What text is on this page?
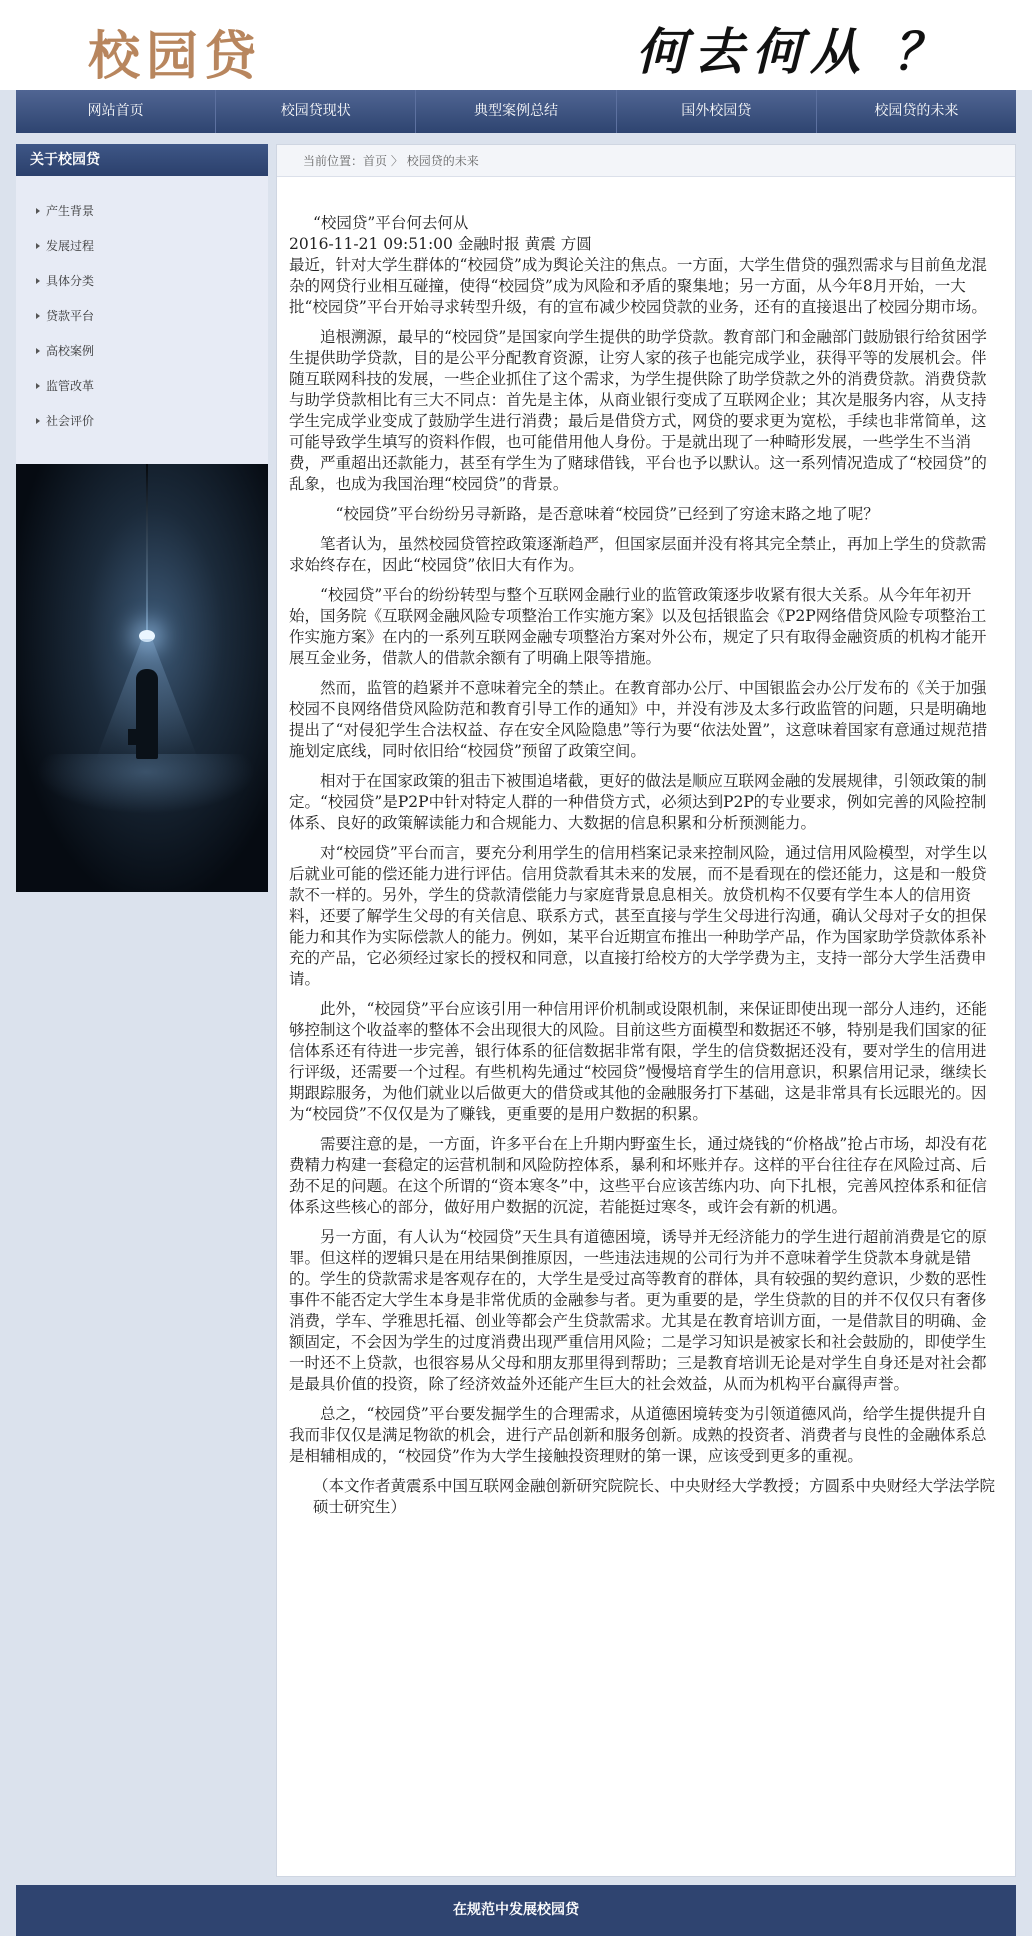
校园贷	何去何从 ？
网站首页	校园贷现状	典型案例总结	国外校园贷	校园贷的未来
关于校园贷
产生背景
发展过程
具体分类
贷款平台
高校案例
监管改革
社会评价
当前位置：首页 〉 校园贷的未来
“校园贷”平台何去何从
2016-11-21 09:51:00 金融时报 黄震 方圆

最近，针对大学生群体的“校园贷”成为舆论关注的焦点。一方面，大学生借贷的强烈需求与目前鱼龙混杂的网贷行业相互碰撞，使得“校园贷”成为风险和矛盾的聚集地；另一方面，从今年8月开始，一大批“校园贷”平台开始寻求转型升级，有的宣布减少校园贷款的业务，还有的直接退出了校园分期市场。

追根溯源，最早的“校园贷”是国家向学生提供的助学贷款。教育部门和金融部门鼓励银行给贫困学生提供助学贷款，目的是公平分配教育资源，让穷人家的孩子也能完成学业，获得平等的发展机会。伴随互联网科技的发展，一些企业抓住了这个需求，为学生提供除了助学贷款之外的消费贷款。消费贷款与助学贷款相比有三大不同点：首先是主体，从商业银行变成了互联网企业；其次是服务内容，从支持学生完成学业变成了鼓励学生进行消费；最后是借贷方式，网贷的要求更为宽松，手续也非常简单，这可能导致学生填写的资料作假，也可能借用他人身份。于是就出现了一种畸形发展，一些学生不当消费，严重超出还款能力，甚至有学生为了赌球借钱，平台也予以默认。这一系列情况造成了“校园贷”的乱象，也成为我国治理“校园贷”的背景。

“校园贷”平台纷纷另寻新路，是否意味着“校园贷”已经到了穷途末路之地了呢？

笔者认为，虽然校园贷管控政策逐渐趋严，但国家层面并没有将其完全禁止，再加上学生的贷款需求始终存在，因此“校园贷”依旧大有作为。

“校园贷”平台的纷纷转型与整个互联网金融行业的监管政策逐步收紧有很大关系。从今年年初开始，国务院《互联网金融风险专项整治工作实施方案》以及包括银监会《P2P网络借贷风险专项整治工作实施方案》在内的一系列互联网金融专项整治方案对外公布，规定了只有取得金融资质的机构才能开展互金业务，借款人的借款余额有了明确上限等措施。

然而，监管的趋紧并不意味着完全的禁止。在教育部办公厅、中国银监会办公厅发布的《关于加强校园不良网络借贷风险防范和教育引导工作的通知》中，并没有涉及太多行政监管的问题，只是明确地提出了“对侵犯学生合法权益、存在安全风险隐患”等行为要“依法处置”，这意味着国家有意通过规范措施划定底线，同时依旧给“校园贷”预留了政策空间。

相对于在国家政策的狙击下被围追堵截，更好的做法是顺应互联网金融的发展规律，引领政策的制定。“校园贷”是P2P中针对特定人群的一种借贷方式，必须达到P2P的专业要求，例如完善的风险控制体系、良好的政策解读能力和合规能力、大数据的信息积累和分析预测能力。

对“校园贷”平台而言，要充分利用学生的信用档案记录来控制风险，通过信用风险模型，对学生以后就业可能的偿还能力进行评估。信用贷款看其未来的发展，而不是看现在的偿还能力，这是和一般贷款不一样的。另外，学生的贷款清偿能力与家庭背景息息相关。放贷机构不仅要有学生本人的信用资料，还要了解学生父母的有关信息、联系方式，甚至直接与学生父母进行沟通，确认父母对子女的担保能力和其作为实际偿款人的能力。例如，某平台近期宣布推出一种助学产品，作为国家助学贷款体系补充的产品，它必须经过家长的授权和同意，以直接打给校方的大学学费为主，支持一部分大学生活费申请。

此外，“校园贷”平台应该引用一种信用评价机制或设限机制，来保证即使出现一部分人违约，还能够控制这个收益率的整体不会出现很大的风险。目前这些方面模型和数据还不够，特别是我们国家的征信体系还有待进一步完善，银行体系的征信数据非常有限，学生的信贷数据还没有，要对学生的信用进行评级，还需要一个过程。有些机构先通过“校园贷”慢慢培育学生的信用意识，积累信用记录，继续长期跟踪服务，为他们就业以后做更大的借贷或其他的金融服务打下基础，这是非常具有长远眼光的。因为“校园贷”不仅仅是为了赚钱，更重要的是用户数据的积累。

需要注意的是，一方面，许多平台在上升期内野蛮生长，通过烧钱的“价格战”抢占市场，却没有花费精力构建一套稳定的运营机制和风险防控体系，暴利和坏账并存。这样的平台往往存在风险过高、后劲不足的问题。在这个所谓的“资本寒冬”中，这些平台应该苦练内功、向下扎根，完善风控体系和征信体系这些核心的部分，做好用户数据的沉淀，若能挺过寒冬，或许会有新的机遇。

另一方面，有人认为“校园贷”天生具有道德困境，诱导并无经济能力的学生进行超前消费是它的原罪。但这样的逻辑只是在用结果倒推原因，一些违法违规的公司行为并不意味着学生贷款本身就是错的。学生的贷款需求是客观存在的，大学生是受过高等教育的群体，具有较强的契约意识，少数的恶性事件不能否定大学生本身是非常优质的金融参与者。更为重要的是，学生贷款的目的并不仅仅只有奢侈消费，学车、学雅思托福、创业等都会产生贷款需求。尤其是在教育培训方面，一是借款目的明确、金额固定，不会因为学生的过度消费出现严重信用风险；二是学习知识是被家长和社会鼓励的，即使学生一时还不上贷款，也很容易从父母和朋友那里得到帮助；三是教育培训无论是对学生自身还是对社会都是最具价值的投资，除了经济效益外还能产生巨大的社会效益，从而为机构平台赢得声誉。

总之，“校园贷”平台要发掘学生的合理需求，从道德困境转变为引领道德风尚，给学生提供提升自我而非仅仅是满足物欲的机会，进行产品创新和服务创新。成熟的投资者、消费者与良性的金融体系总是相辅相成的，“校园贷”作为大学生接触投资理财的第一课，应该受到更多的重视。

（本文作者黄震系中国互联网金融创新研究院院长、中央财经大学教授；方圆系中央财经大学法学院硕士研究生）
在规范中发展校园贷
